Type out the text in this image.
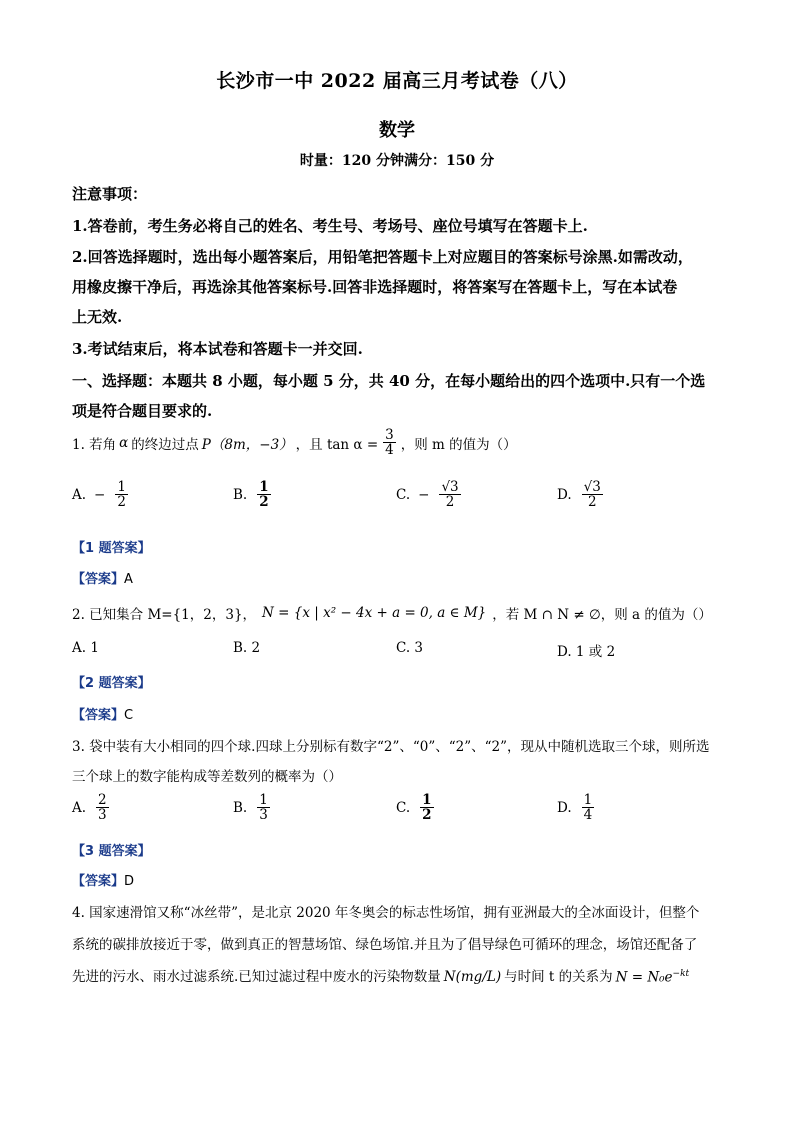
长沙市一中 2022 届高三月考试卷（八）
数学
时量：120 分钟满分：150 分
注意事项：
1.答卷前，考生务必将自己的姓名、考生号、考场号、座位号填写在答题卡上.
2.回答选择题时，选出每小题答案后，用铅笔把答题卡上对应题目的答案标号涂黑.如需改动，
用橡皮擦干净后，再选涂其他答案标号.回答非选择题时，将答案写在答题卡上，写在本试卷
上无效.
3.考试结束后，将本试卷和答题卡一并交回.
一、选择题：本题共 8 小题，每小题 5 分，共 40 分，在每小题给出的四个选项中.只有一个选
项是符合题目要求的.
1. 若角 α 的终边过点 P（8m，−3） ，且 $\tan \alpha = \frac{3}{4}$ ，则 m 的值为（）
A. − $\frac{1}{2}$	B. $\frac{1}{2}$	C. − $\frac{√3}{2}$	D. $\frac{√3}{2}$
【1 题答案】
【答案】A
2. 已知集合 M={1，2，3}， N = {x | x² − 4x + a = 0, a ∈ M} ，若 M ∩ N ≠ ∅，则 a 的值为（）
A. 1	B. 2	C. 3	D. 1 或 2
【2 题答案】
【答案】C
3. 袋中装有大小相同的四个球.四球上分别标有数字“2”、“0”、“2”、“2”，现从中随机选取三个球，则所选
三个球上的数字能构成等差数列的概率为（）
A. $\frac{2}{3}$	B. $\frac{1}{3}$	C. $\frac{1}{2}$	D. $\frac{1}{4}$
【3 题答案】
【答案】D
4. 国家速滑馆又称“冰丝带”，是北京 2020 年冬奥会的标志性场馆，拥有亚洲最大的全冰面设计，但整个
系统的碳排放接近于零，做到真正的智慧场馆、绿色场馆.并且为了倡导绿色可循环的理念，场馆还配备了
先进的污水、雨水过滤系统.已知过滤过程中废水的污染物数量 N(mg/L) 与时间 t 的关系为 $N = N_0e^{-kt}$
